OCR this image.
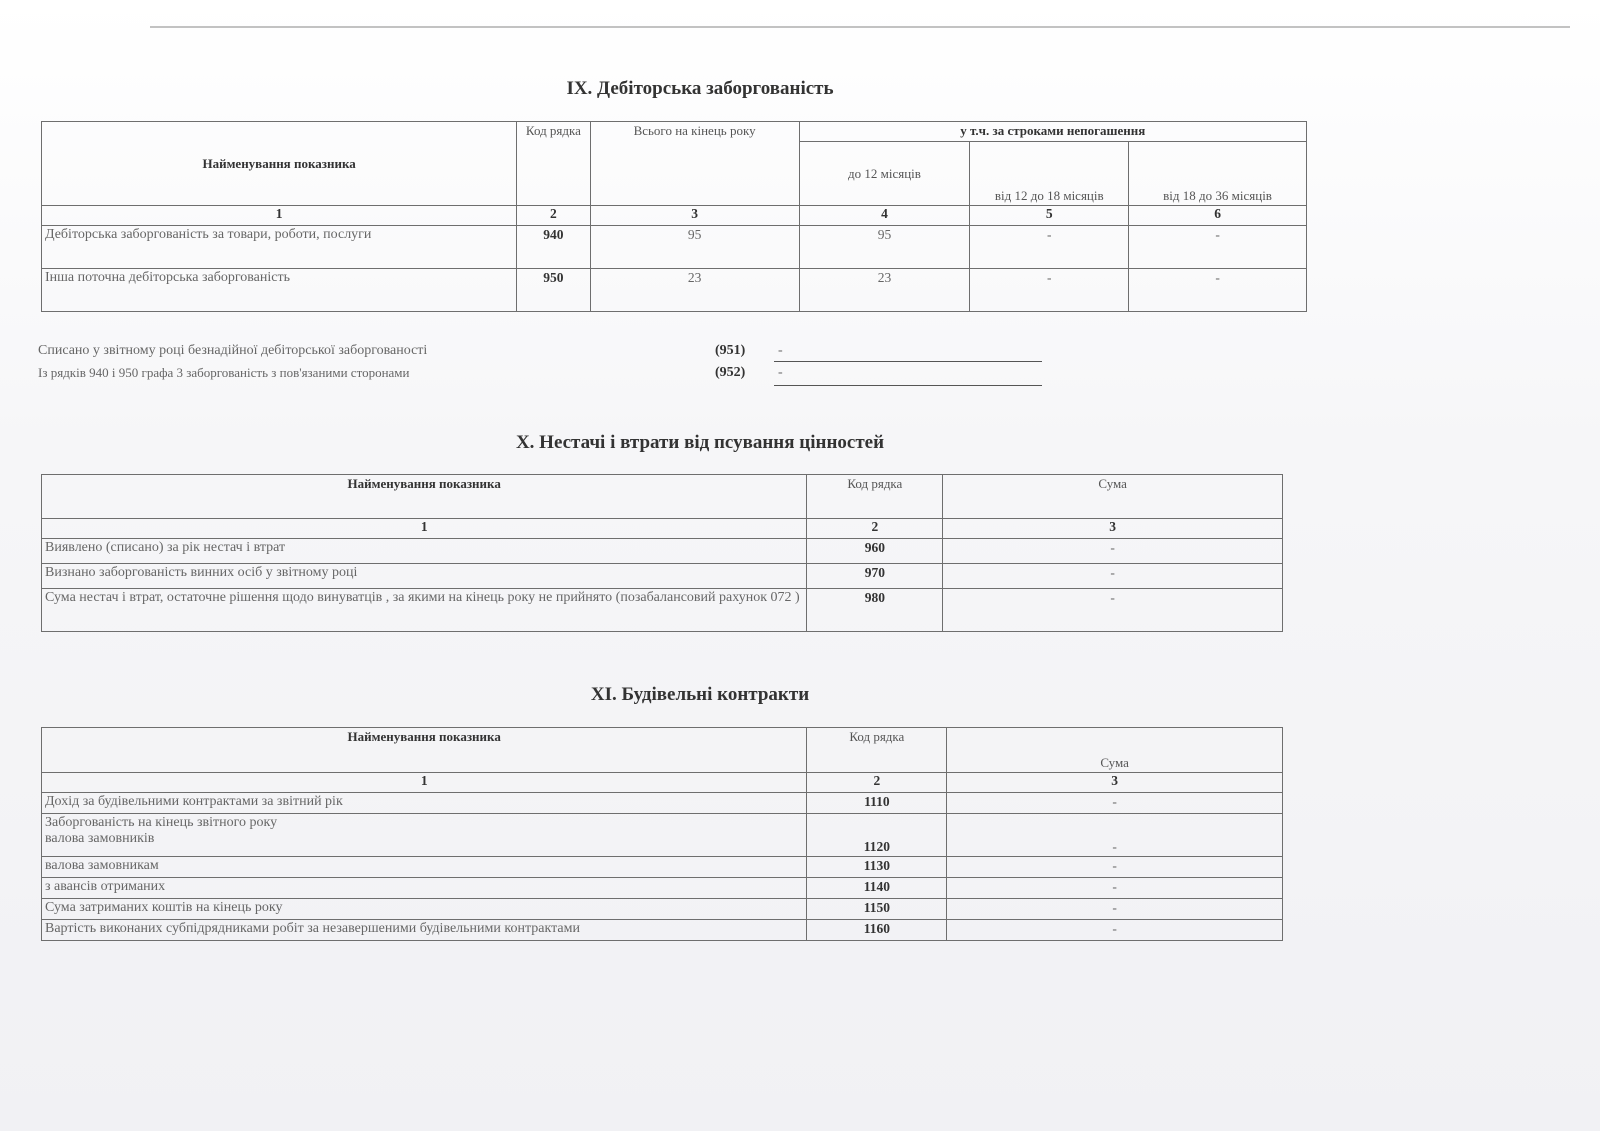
IX. Дебіторська заборгованість
Найменування показника	Код рядка	Всього на кінець року	у т.ч. за строками непогашення		
			до 12 місяців	від 12 до 18 місяців	від 18 до 36 місяців
1	2	3	4	5	6
Дебіторська заборгованість за товари, роботи, послуги	940	95	95	-	-
Інша поточна дебіторська заборгованість	950	23	23	-	-
Списано у звітному році безнадійної дебіторської заборгованості	(951) -
Із рядків 940 і 950 графа 3 заборгованість з пов'язаними сторонами	(952) -
X. Нестачі і втрати від псування цінностей
Найменування показника	Код рядка	Сума
1	2	3
Виявлено (списано) за рік нестач і втрат	960	-
Визнано заборгованість винних осіб у звітному році	970	-
Сума нестач і втрат, остаточне рішення щодо винуватців , за якими на кінець року не прийнято (позабалансовий рахунок 072 )	980	-
XI. Будівельні контракти
Найменування показника	Код рядка	Сума
1	2	3
Дохід за будівельними контрактами за звітний рік	1110	-

Заборгованість на кінець звітного року
валова замовників	1120	-
валова замовникам	1130	-
з авансів отриманих	1140	-
Сума затриманих коштів на кінець року	1150	-
Вартість виконаних субпідрядниками робіт за незавершеними будівельними контрактами	1160	-
